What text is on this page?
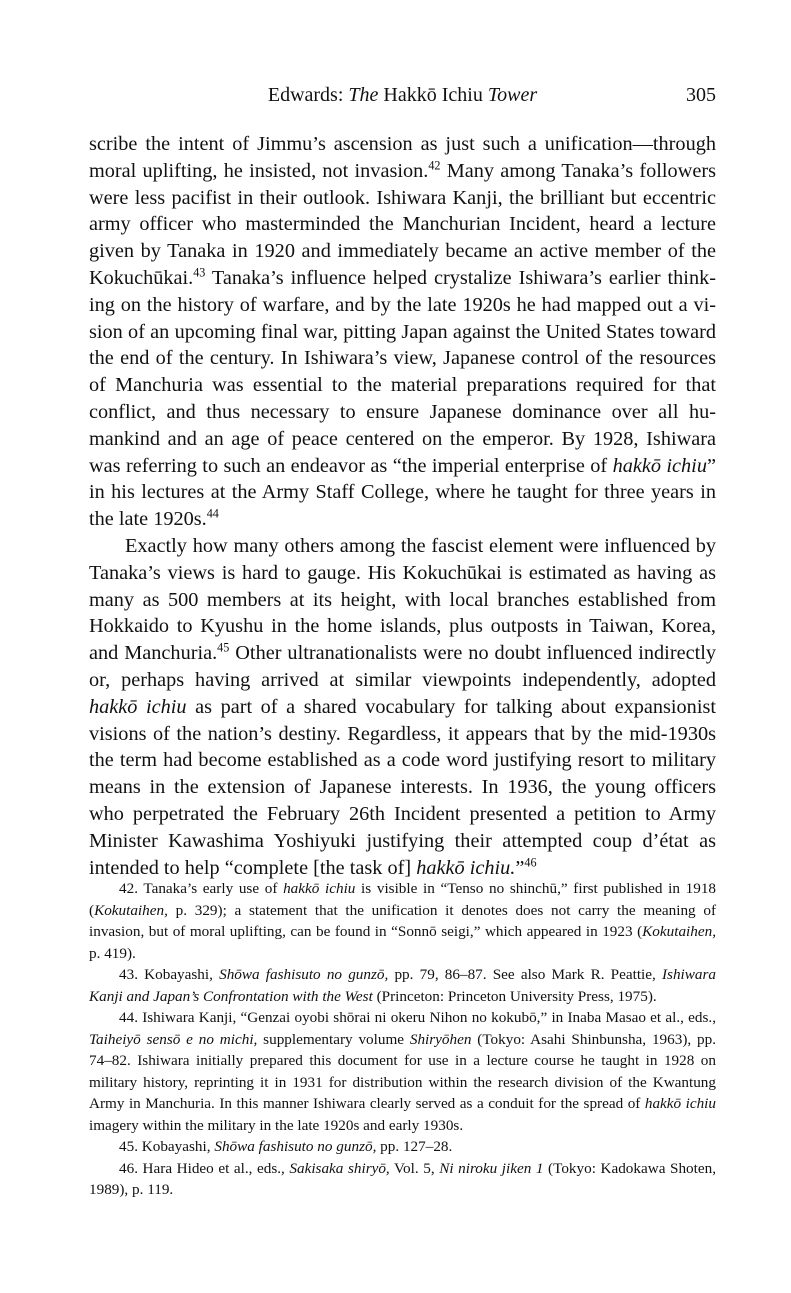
Edwards: The Hakkō Ichiu Tower	305

scribe the intent of Jimmu’s ascension as just such a unification—through moral uplifting, he insisted, not invasion.$^{42}$ Many among Tanaka’s followers were less pacifist in their outlook. Ishiwara Kanji, the brilliant but eccentric army officer who masterminded the Manchurian Incident, heard a lecture given by Tanaka in 1920 and immediately became an active member of the Kokuchūkai.$^{43}$ Tanaka’s influence helped crystalize Ishiwara’s earlier thinking on the history of warfare, and by the late 1920s he had mapped out a vision of an upcoming final war, pitting Japan against the United States toward the end of the century. In Ishiwara’s view, Japanese control of the resources of Manchuria was essential to the material preparations required for that conflict, and thus necessary to ensure Japanese dominance over all humankind and an age of peace centered on the emperor. By 1928, Ishiwara was referring to such an endeavor as “the imperial enterprise of hakkō ichiu” in his lectures at the Army Staff College, where he taught for three years in the late 1920s.$^{44}$

Exactly how many others among the fascist element were influenced by Tanaka’s views is hard to gauge. His Kokuchūkai is estimated as having as many as 500 members at its height, with local branches established from Hokkaido to Kyushu in the home islands, plus outposts in Taiwan, Korea, and Manchuria.$^{45}$ Other ultranationalists were no doubt influenced indirectly or, perhaps having arrived at similar viewpoints independently, adopted hakkō ichiu as part of a shared vocabulary for talking about expansionist visions of the nation’s destiny. Regardless, it appears that by the mid-1930s the term had become established as a code word justifying resort to military means in the extension of Japanese interests. In 1936, the young officers who perpetrated the February 26th Incident presented a petition to Army Minister Kawashima Yoshiyuki justifying their attempted coup d’état as intended to help “complete [the task of] hakkō ichiu.”$^{46}$

42. Tanaka’s early use of hakkō ichiu is visible in “Tenso no shinchū,” first published in 1918 (Kokutaihen, p. 329); a statement that the unification it denotes does not carry the meaning of invasion, but of moral uplifting, can be found in “Sonnō seigi,” which appeared in 1923 (Kokutaihen, p. 419).

43. Kobayashi, Shōwa fashisuto no gunzō, pp. 79, 86–87. See also Mark R. Peattie, Ishiwara Kanji and Japan’s Confrontation with the West (Princeton: Princeton University Press, 1975).

44. Ishiwara Kanji, “Genzai oyobi shōrai ni okeru Nihon no kokubō,” in Inaba Masao et al., eds., Taiheiyō sensō e no michi, supplementary volume Shiryōhen (Tokyo: Asahi Shinbunsha, 1963), pp. 74–82. Ishiwara initially prepared this document for use in a lecture course he taught in 1928 on military history, reprinting it in 1931 for distribution within the research division of the Kwantung Army in Manchuria. In this manner Ishiwara clearly served as a conduit for the spread of hakkō ichiu imagery within the military in the late 1920s and early 1930s.

45. Kobayashi, Shōwa fashisuto no gunzō, pp. 127–28.

46. Hara Hideo et al., eds., Sakisaka shiryō, Vol. 5, Ni niroku jiken 1 (Tokyo: Kadokawa Shoten, 1989), p. 119.
